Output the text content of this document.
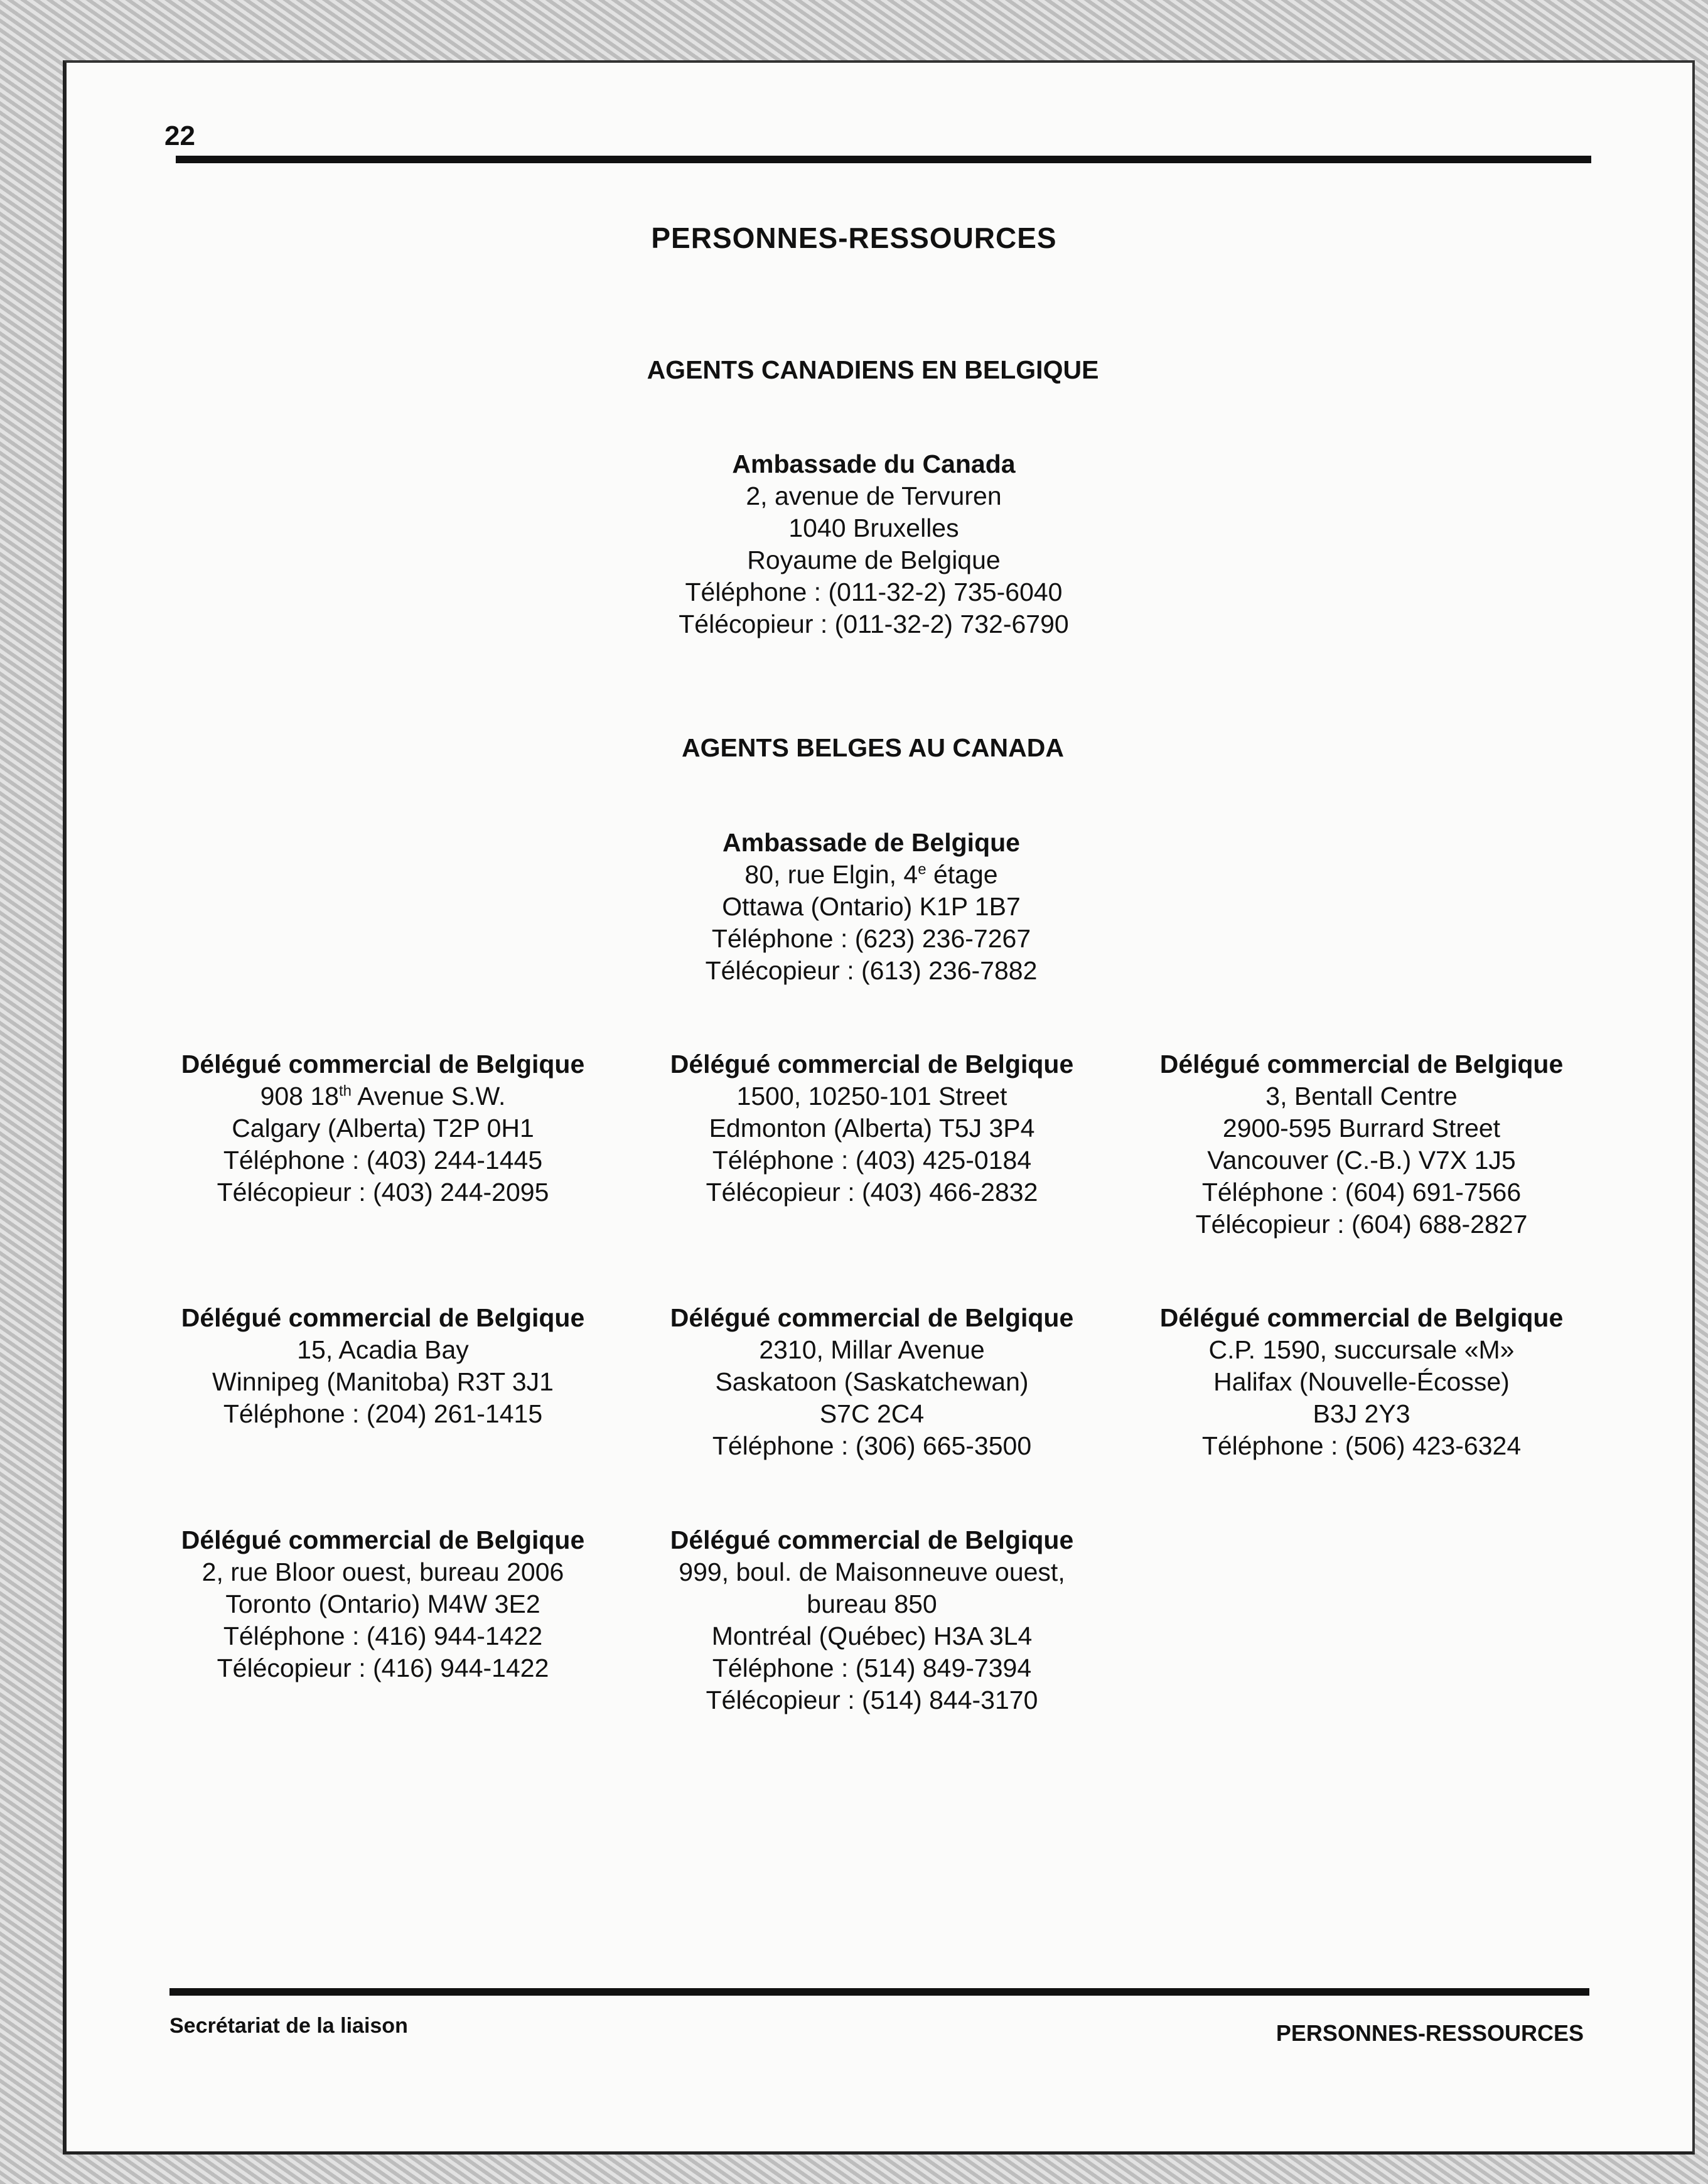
22
PERSONNES-RESSOURCES
AGENTS CANADIENS EN BELGIQUE
Ambassade du Canada
2, avenue de Tervuren
1040 Bruxelles
Royaume de Belgique
Téléphone : (011-32-2) 735-6040
Télécopieur : (011-32-2) 732-6790
AGENTS BELGES AU CANADA
Ambassade de Belgique
80, rue Elgin, 4e étage
Ottawa (Ontario) K1P 1B7
Téléphone : (623) 236-7267
Télécopieur : (613) 236-7882
Délégué commercial de Belgique
908 18th Avenue S.W.
Calgary (Alberta) T2P 0H1
Téléphone : (403) 244-1445
Télécopieur : (403) 244-2095
Délégué commercial de Belgique
1500, 10250-101 Street
Edmonton (Alberta) T5J 3P4
Téléphone : (403) 425-0184
Télécopieur : (403) 466-2832
Délégué commercial de Belgique
3, Bentall Centre
2900-595 Burrard Street
Vancouver (C.-B.) V7X 1J5
Téléphone : (604) 691-7566
Télécopieur : (604) 688-2827
Délégué commercial de Belgique
15, Acadia Bay
Winnipeg (Manitoba) R3T 3J1
Téléphone : (204) 261-1415
Délégué commercial de Belgique
2310, Millar Avenue
Saskatoon (Saskatchewan)
S7C 2C4
Téléphone : (306) 665-3500
Délégué commercial de Belgique
C.P. 1590, succursale «M»
Halifax (Nouvelle-Écosse)
B3J 2Y3
Téléphone : (506) 423-6324
Délégué commercial de Belgique
2, rue Bloor ouest, bureau 2006
Toronto (Ontario) M4W 3E2
Téléphone : (416) 944-1422
Télécopieur : (416) 944-1422
Délégué commercial de Belgique
999, boul. de Maisonneuve ouest,
bureau 850
Montréal (Québec) H3A 3L4
Téléphone : (514) 849-7394
Télécopieur : (514) 844-3170
Secrétariat de la liaison	PERSONNES-RESSOURCES
